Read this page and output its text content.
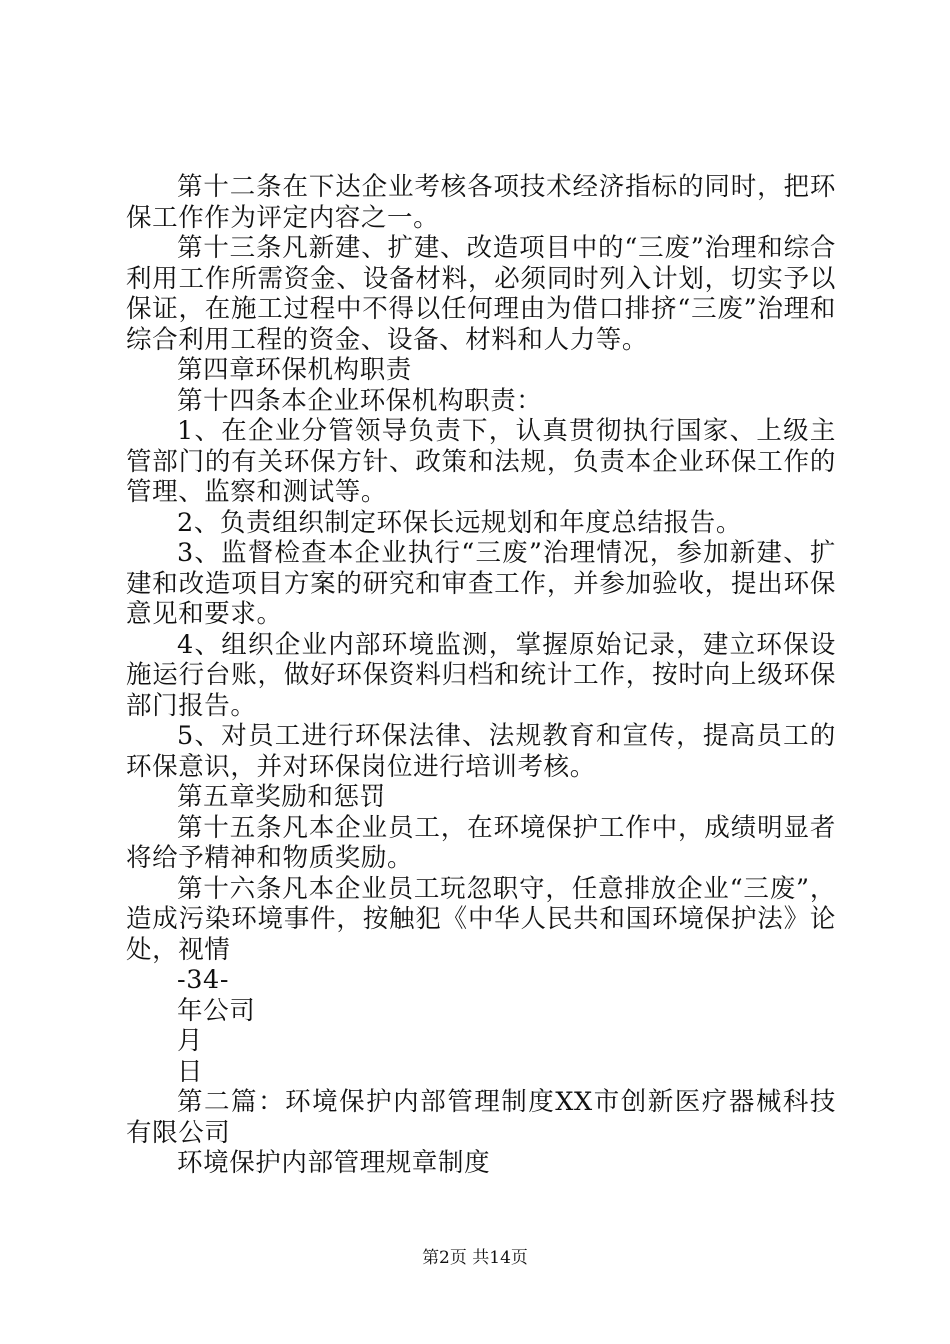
第十二条在下达企业考核各项技术经济指标的同时，把环保工作作为评定内容之一。

第十三条凡新建、扩建、改造项目中的“三废”治理和综合利用工作所需资金、设备材料，必须同时列入计划，切实予以保证，在施工过程中不得以任何理由为借口排挤“三废”治理和综合利用工程的资金、设备、材料和人力等。

第四章环保机构职责

第十四条本企业环保机构职责：

1、在企业分管领导负责下，认真贯彻执行国家、上级主管部门的有关环保方针、政策和法规，负责本企业环保工作的管理、监察和测试等。

2、负责组织制定环保长远规划和年度总结报告。

3、监督检查本企业执行“三废”治理情况，参加新建、扩建和改造项目方案的研究和审查工作，并参加验收，提出环保意见和要求。

4、组织企业内部环境监测，掌握原始记录，建立环保设施运行台账，做好环保资料归档和统计工作，按时向上级环保部门报告。

5、对员工进行环保法律、法规教育和宣传，提高员工的环保意识，并对环保岗位进行培训考核。

第五章奖励和惩罚

第十五条凡本企业员工，在环境保护工作中，成绩明显者将给予精神和物质奖励。

第十六条凡本企业员工玩忽职守，任意排放企业“三废”，造成污染环境事件，按触犯《中华人民共和国环境保护法》论处，视情

-34-

年公司

月

日

第二篇：环境保护内部管理制度XX市创新医疗器械科技有限公司

环境保护内部管理规章制度

第2页 共14页
